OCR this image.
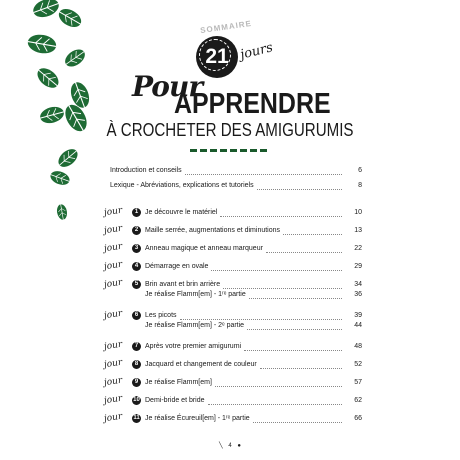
SOMMAIRE
21 jours
Pour
APPRENDRE
À CROCHETER DES AMIGURUMIS
Introduction et conseils	6
Lexique - Abréviations, explications et tutoriels	8
jour	1 Je découvre le matériel	10
jour	2 Maille serrée, augmentations et diminutions	13
jour	3 Anneau magique et anneau marqueur	22
jour	4 Démarrage en ovale	29
jour	5 Brin avant et brin arrière	34
Je réalise Flamm[em] - 1ʳᵉ partie	36
jour	6 Les picots	39
Je réalise Flamm[em] - 2ᵉ partie	44
jour	7 Après votre premier amigurumi	48
jour	8 Jacquard et changement de couleur	52
jour	9 Je réalise Flamm[em]	57
jour 10 Demi-bride et bride	62
jour 11 Je réalise Écureuil[em] - 1ʳᵉ partie	66
╲ 4 ●
